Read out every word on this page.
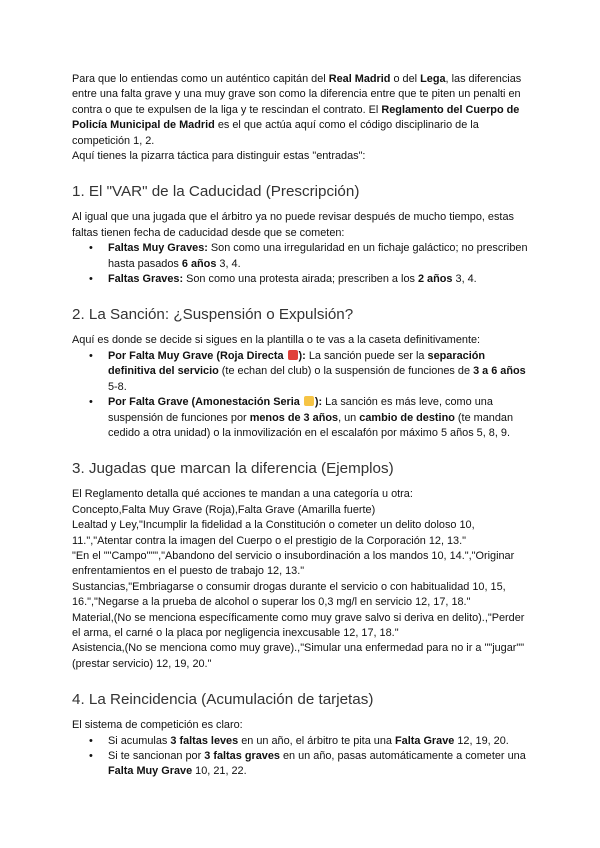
Para que lo entiendas como un auténtico capitán del Real Madrid o del Lega, las diferencias entre una falta grave y una muy grave son como la diferencia entre que te piten un penalti en contra o que te expulsen de la liga y te rescindan el contrato. El Reglamento del Cuerpo de Policía Municipal de Madrid es el que actúa aquí como el código disciplinario de la competición 1, 2.

Aquí tienes la pizarra táctica para distinguir estas "entradas":

1. El "VAR" de la Caducidad (Prescripción)

Al igual que una jugada que el árbitro ya no puede revisar después de mucho tiempo, estas faltas tienen fecha de caducidad desde que se cometen:

• Faltas Muy Graves: Son como una irregularidad en un fichaje galáctico; no prescriben hasta pasados 6 años 3, 4.
• Faltas Graves: Son como una protesta airada; prescriben a los 2 años 3, 4.
2. La Sanción: ¿Suspensión o Expulsión?

Aquí es donde se decide si sigues en la plantilla o te vas a la caseta definitivamente:

• Por Falta Muy Grave (Roja Directa ): La sanción puede ser la separación definitiva del servicio (te echan del club) o la suspensión de funciones de 3 a 6 años 5-8.
• Por Falta Grave (Amonestación Seria ): La sanción es más leve, como una suspensión de funciones por menos de 3 años, un cambio de destino (te mandan cedido a otra unidad) o la inmovilización en el escalafón por máximo 5 años 5, 8, 9.
3. Jugadas que marcan la diferencia (Ejemplos)

El Reglamento detalla qué acciones te mandan a una categoría u otra:

Concepto,Falta Muy Grave (Roja),Falta Grave (Amarilla fuerte)

Lealtad y Ley,"Incumplir la fidelidad a la Constitución o cometer un delito doloso 10, 11.","Atentar contra la imagen del Cuerpo o el prestigio de la Corporación 12, 13."

"En el ""Campo""","Abandono del servicio o insubordinación a los mandos 10, 14.","Originar enfrentamientos en el puesto de trabajo 12, 13."

Sustancias,"Embriagarse o consumir drogas durante el servicio o con habitualidad 10, 15, 16.","Negarse a la prueba de alcohol o superar los 0,3 mg/l en servicio 12, 17, 18."

Material,(No se menciona específicamente como muy grave salvo si deriva en delito).,"Perder el arma, el carné o la placa por negligencia inexcusable 12, 17, 18."

Asistencia,(No se menciona como muy grave).,"Simular una enfermedad para no ir a ""jugar"" (prestar servicio) 12, 19, 20."

4. La Reincidencia (Acumulación de tarjetas)

El sistema de competición es claro:

• Si acumulas 3 faltas leves en un año, el árbitro te pita una Falta Grave 12, 19, 20.
• Si te sancionan por 3 faltas graves en un año, pasas automáticamente a cometer una Falta Muy Grave 10, 21, 22.
